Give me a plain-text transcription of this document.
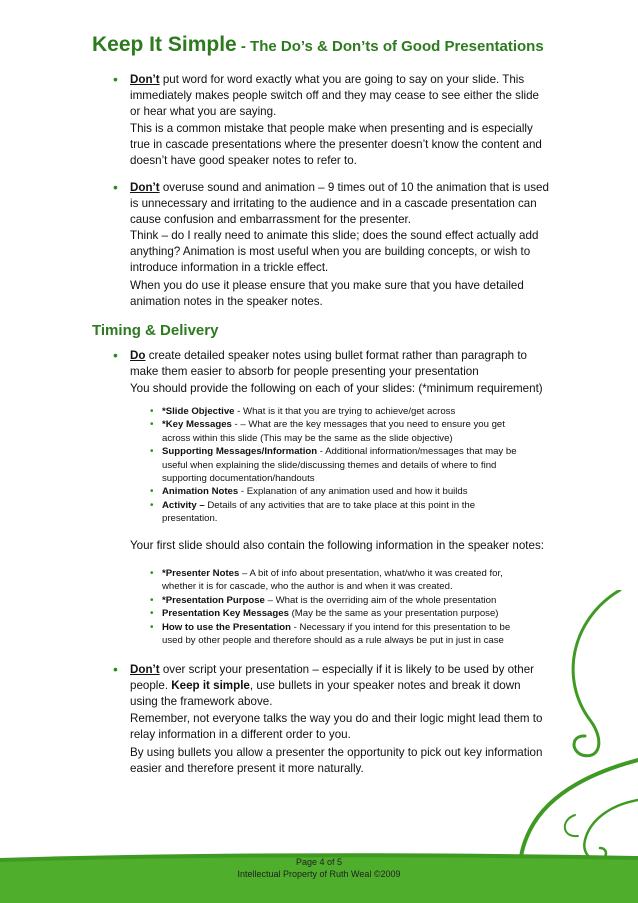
Keep It Simple - The Do’s & Don’ts of Good Presentations
• Don’t put word for word exactly what you are going to say on your slide. This immediately makes people switch off and they may cease to see either the slide or hear what you are saying.
This is a common mistake that people make when presenting and is especially true in cascade presentations where the presenter doesn’t know the content and doesn’t have good speaker notes to refer to.
• Don’t overuse sound and animation – 9 times out of 10 the animation that is used is unnecessary and irritating to the audience and in a cascade presentation can cause confusion and embarrassment for the presenter.
Think – do I really need to animate this slide; does the sound effect actually add anything? Animation is most useful when you are building concepts, or wish to introduce information in a trickle effect.
When you do use it please ensure that you make sure that you have detailed animation notes in the speaker notes.
Timing & Delivery
• Do create detailed speaker notes using bullet format rather than paragraph to make them easier to absorb for people presenting your presentation
You should provide the following on each of your slides: (*minimum requirement)
• *Slide Objective - What is it that you are trying to achieve/get across
• *Key Messages - – What are the key messages that you need to ensure you get across within this slide (This may be the same as the slide objective)
• Supporting Messages/Information - Additional information/messages that may be useful when explaining the slide/discussing themes and details of where to find supporting documentation/handouts
• Animation Notes - Explanation of any animation used and how it builds
• Activity – Details of any activities that are to take place at this point in the presentation.
Your first slide should also contain the following information in the speaker notes:
• *Presenter Notes – A bit of info about presentation, what/who it was created for, whether it is for cascade, who the author is and when it was created.
• *Presentation Purpose – What is the overriding aim of the whole presentation
• Presentation Key Messages (May be the same as your presentation purpose)
• How to use the Presentation - Necessary if you intend for this presentation to be used by other people and therefore should as a rule always be put in just in case
• Don’t over script your presentation – especially if it is likely to be used by other people. Keep it simple, use bullets in your speaker notes and break it down using the framework above.
Remember, not everyone talks the way you do and their logic might lead them to relay information in a different order to you.
By using bullets you allow a presenter the opportunity to pick out key information easier and therefore present it more naturally.
Page 4 of 5
Intellectual Property of Ruth Weal ©2009
